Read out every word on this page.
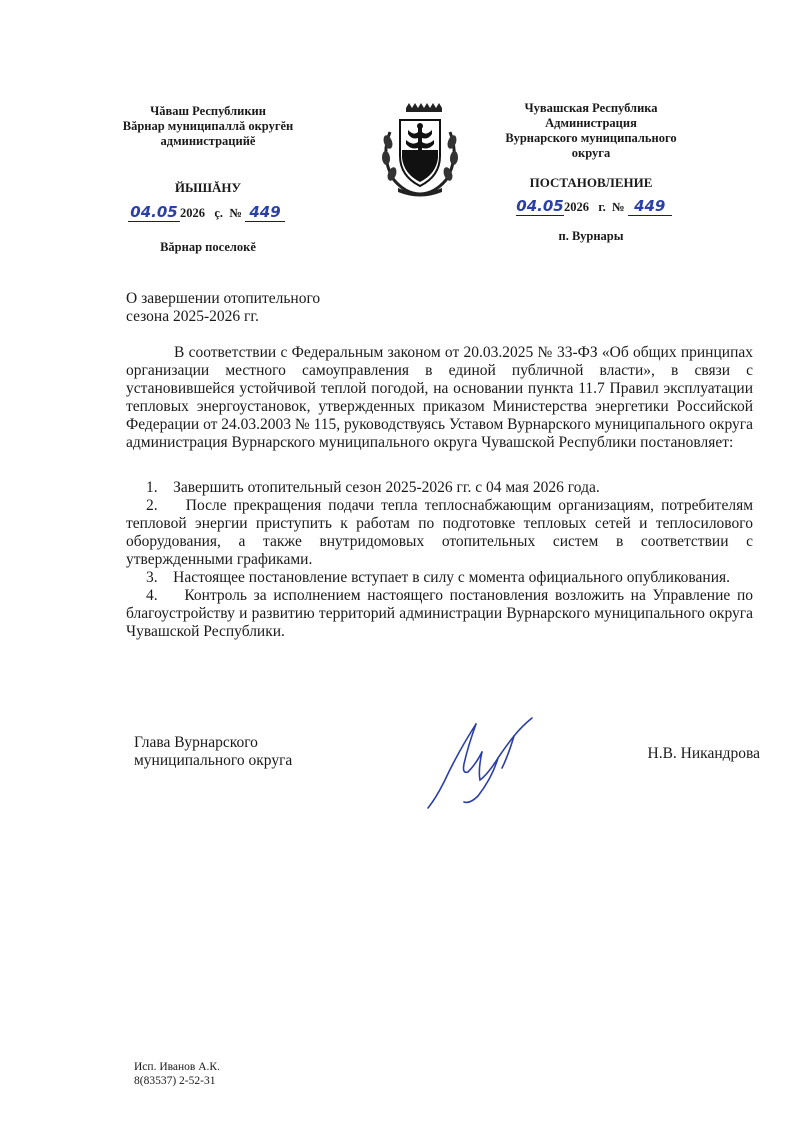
Чăваш Республикин
Вăрнар муниципаллă округĕн
администрацийĕ
ЙЫШĂНУ
04.05 2026 ç. № 449
Вăрнар поселокĕ
Чувашская Республика
Администрация
Вурнарского муниципального
округа
ПОСТАНОВЛЕНИЕ
04.052026 г. № 449
п. Вурнары
О завершении отопительного
сезона 2025-2026 гг.

В соответствии с Федеральным законом от 20.03.2025 № 33-ФЗ «Об общих принципах организации местного самоуправления в единой публичной власти», в связи с установившейся устойчивой теплой погодой, на основании пункта 11.7 Правил эксплуатации тепловых энергоустановок, утвержденных приказом Министерства энергетики Российской Федерации от 24.03.2003 № 115, руководствуясь Уставом Вурнарского муниципального округа администрация Вурнарского муниципального округа Чувашской Республики постановляет:

1. Завершить отопительный сезон 2025-2026 гг. с 04 мая 2026 года.

2. После прекращения подачи тепла теплоснабжающим организациям, потребителям тепловой энергии приступить к работам по подготовке тепловых сетей и теплосилового оборудования, а также внутридомовых отопительных систем в соответствии с утвержденными графиками.

3. Настоящее постановление вступает в силу с момента официального опубликования.

4. Контроль за исполнением настоящего постановления возложить на Управление по благоустройству и развитию территорий администрации Вурнарского муниципального округа Чувашской Республики.

Глава Вурнарского
муниципального округа	Н.В. Никандрова
Исп. Иванов А.К.
8(83537) 2-52-31
